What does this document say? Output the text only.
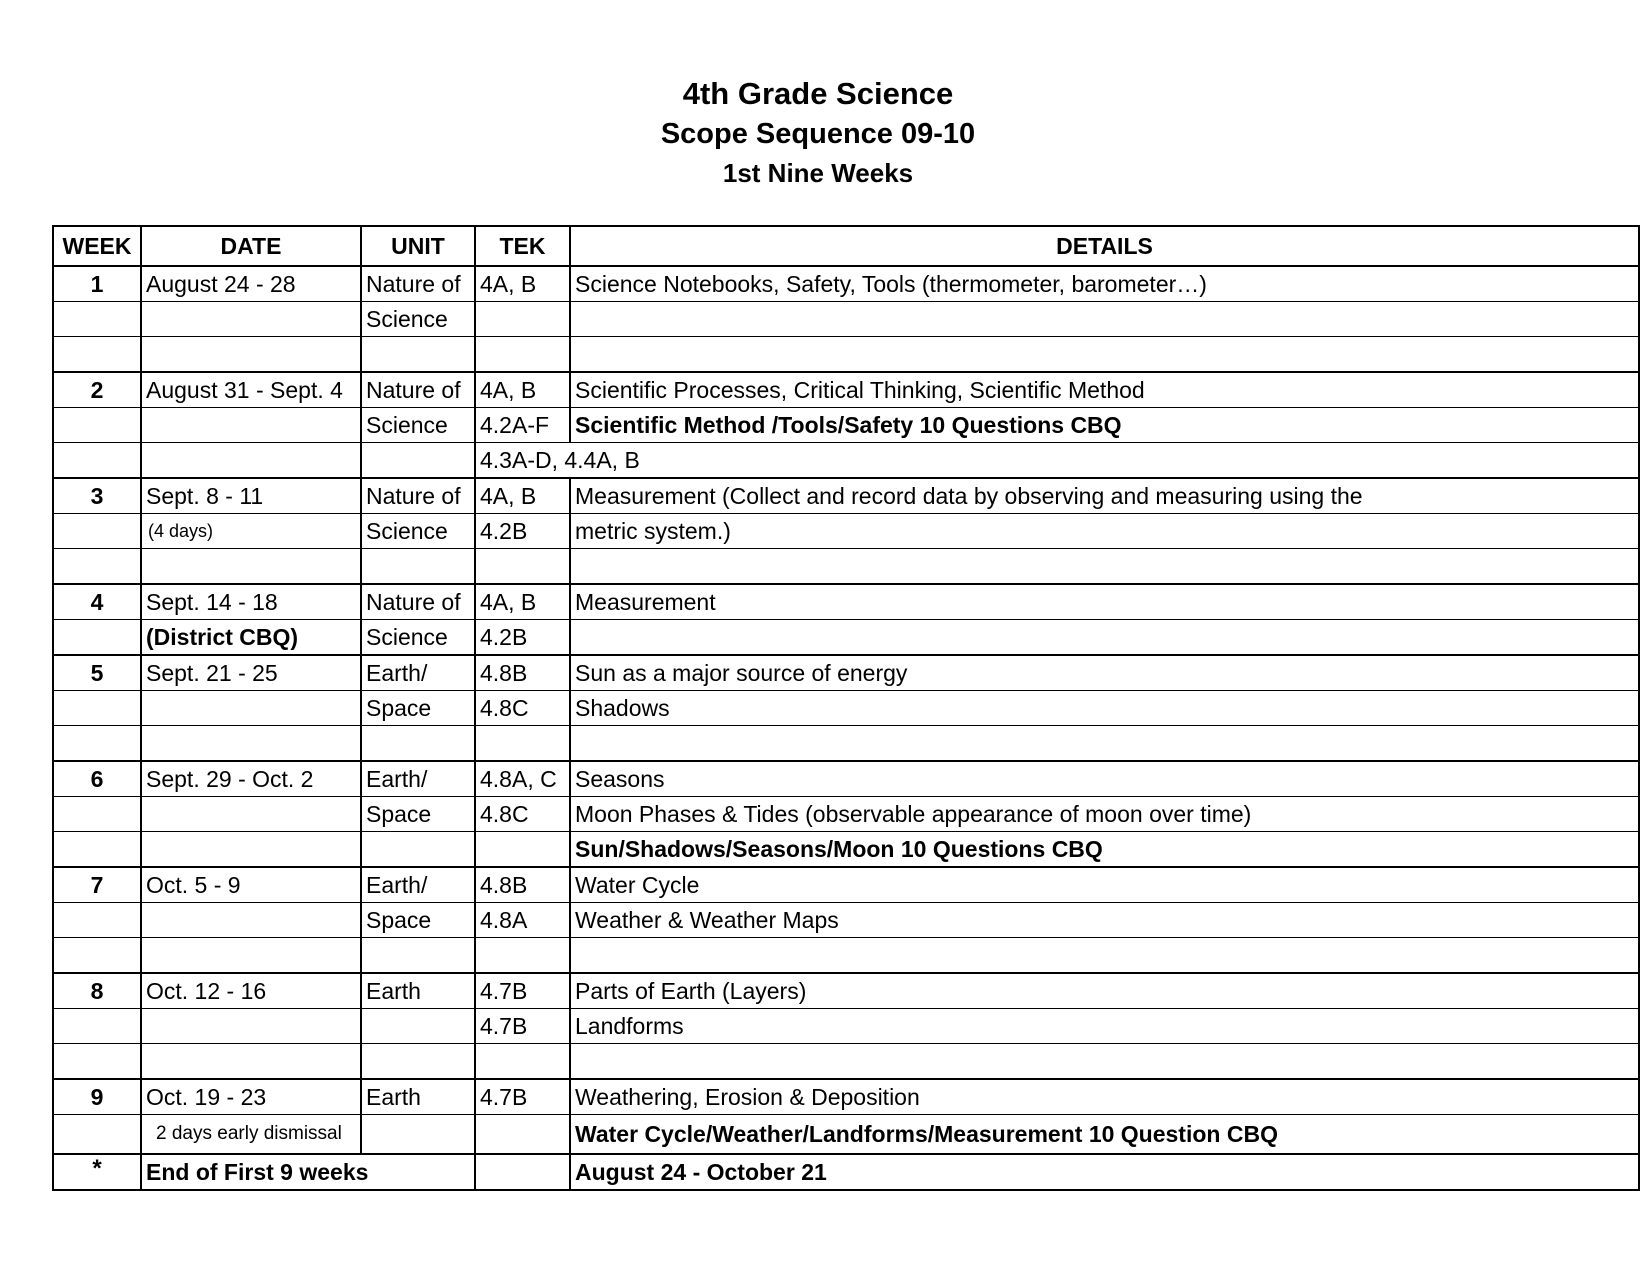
4th Grade Science
Scope Sequence 09-10
1st Nine Weeks
WEEK	DATE	UNIT	TEK	DETAILS
1	August 24 - 28	Nature of	4A, B	Science Notebooks, Safety, Tools (thermometer, barometer…)
		Science		

2	August 31 - Sept. 4	Nature of	4A, B	Scientific Processes, Critical Thinking, Scientific Method
		Science	4.2A-F	Scientific Method /Tools/Safety 10 Questions CBQ
			4.3A-D, 4.4A, B	
3	Sept. 8 - 11	Nature of	4A, B	Measurement (Collect and record data by observing and measuring using the
	(4 days)	Science	4.2B	metric system.)

4	Sept. 14 - 18	Nature of	4A, B	Measurement
	(District CBQ)	Science	4.2B	
5	Sept. 21 - 25	Earth/	4.8B	Sun as a major source of energy
		Space	4.8C	Shadows

6	Sept. 29 - Oct. 2	Earth/	4.8A, C	Seasons
		Space	4.8C	Moon Phases & Tides (observable appearance of moon over time)
				Sun/Shadows/Seasons/Moon 10 Questions CBQ
7	Oct. 5 - 9	Earth/	4.8B	Water Cycle
		Space	4.8A	Weather & Weather Maps

8	Oct. 12 - 16	Earth	4.7B	Parts of Earth (Layers)
			4.7B	Landforms

9	Oct. 19 - 23	Earth	4.7B	Weathering, Erosion & Deposition
	2 days early dismissal			Water Cycle/Weather/Landforms/Measurement 10 Question CBQ
*	End of First 9 weeks			August 24 - October 21
